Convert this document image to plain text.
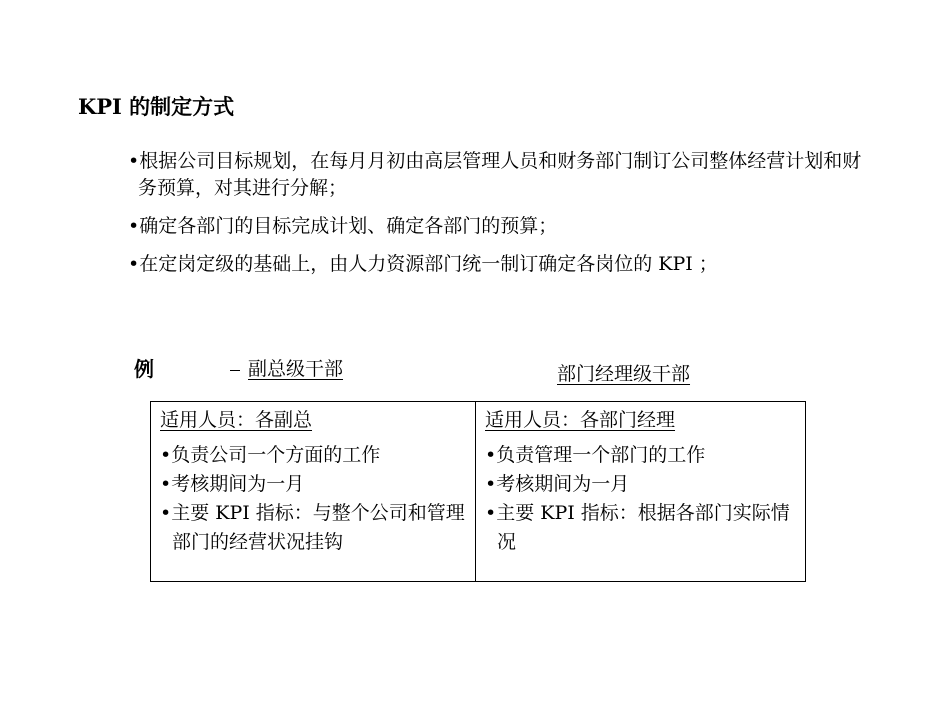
KPI 的制定方式
• 根据公司目标规划，在每月月初由高层管理人员和财务部门制订公司整体经营计划和财务预算，对其进行分解；
• 确定各部门的目标完成计划、确定各部门的预算；
• 在定岗定级的基础上，由人力资源部门统一制订确定各岗位的 KPI ；
例	副总级干部	部门经理级干部
适用人员：各副总
• 负责公司一个方面的工作
• 考核期间为一月
• 主要 KPI 指标：与整个公司和管理部门的经营状况挂钩
适用人员：各部门经理
• 负责管理一个部门的工作
• 考核期间为一月
• 主要 KPI 指标：根据各部门实际情况
